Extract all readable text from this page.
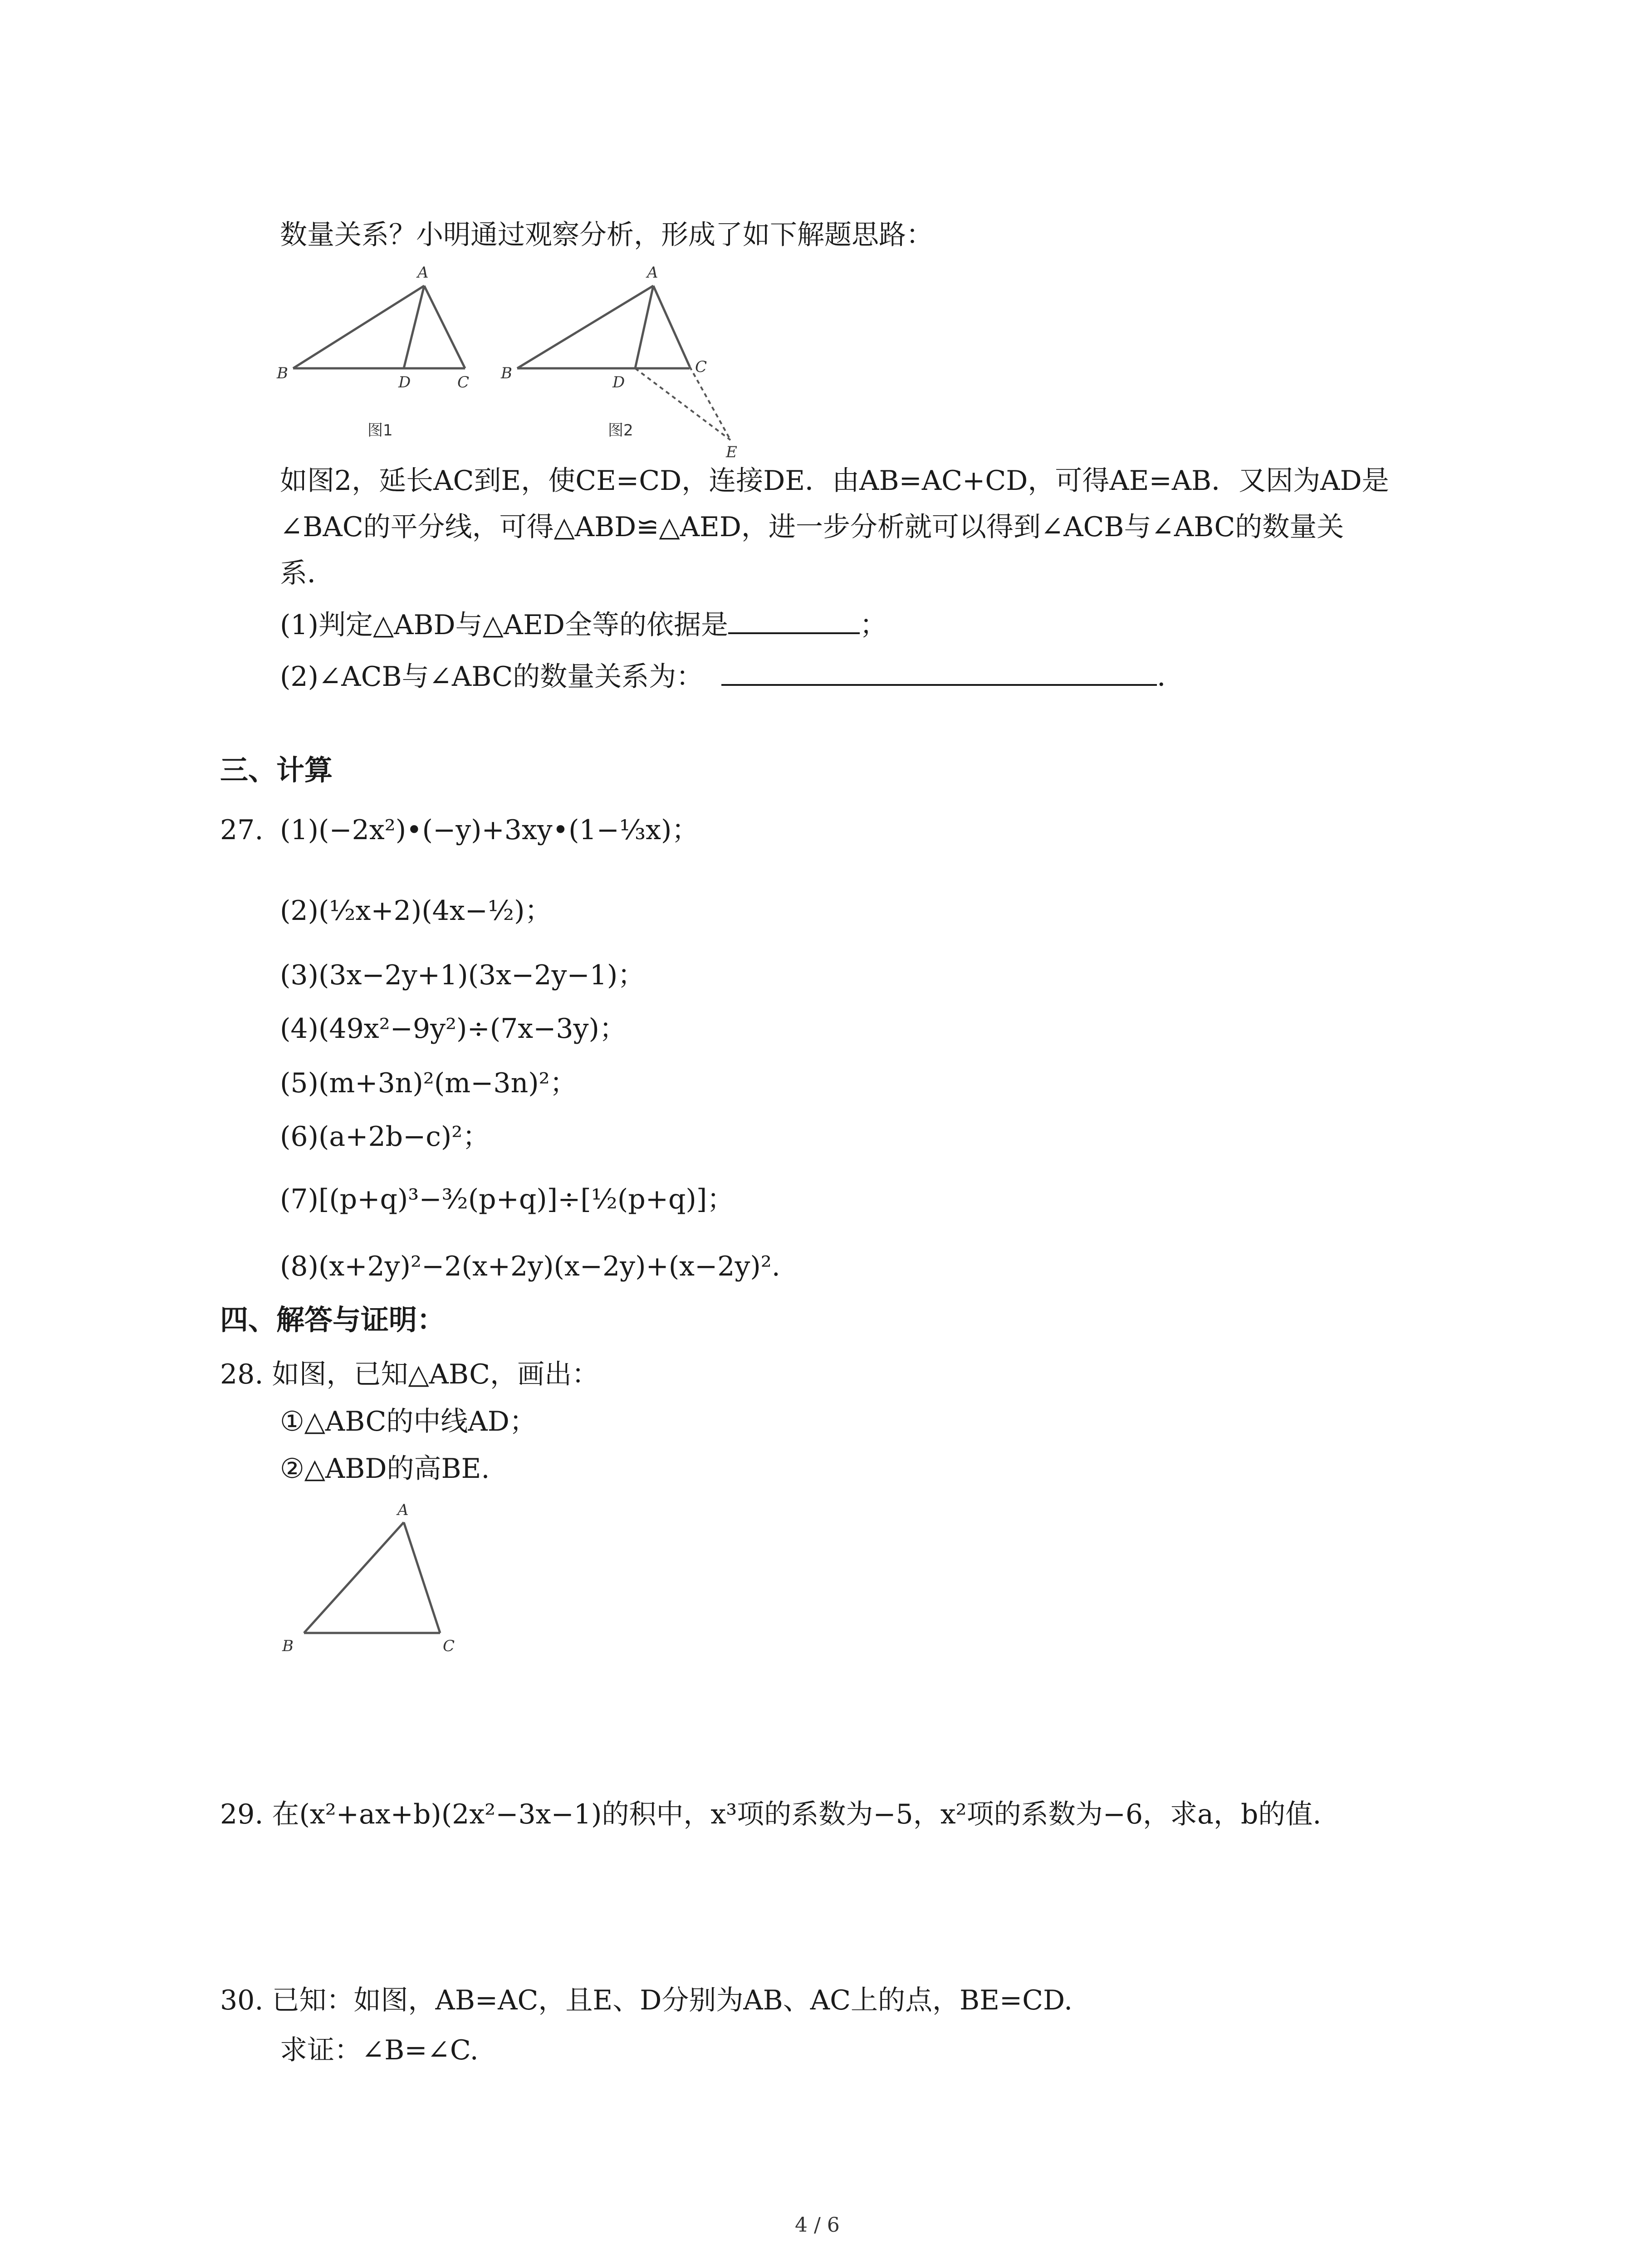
数量关系？小明通过观察分析，形成了如下解题思路：
A
B	D	C
图1
A
B	D
C
E
图2
如图2，延长AC到E，使CE=CD，连接DE．由AB=AC+CD，可得AE=AB．又因为AD是
∠BAC的平分线，可得△ABD≌△AED，进一步分析就可以得到∠ACB与∠ABC的数量关
系．
(1)判定△ABD与△AED全等的依据是	；
(2)∠ACB与∠ABC的数量关系为：	．
三、计算
27. (1)(−2x²)•(−y)+3xy•(1−⅓x)；
(2)(½x+2)(4x−½)；
(3)(3x−2y+1)(3x−2y−1)；
(4)(49x²−9y²)÷(7x−3y)；
(5)(m+3n)²(m−3n)²；
(6)(a+2b−c)²；
(7)[(p+q)³−³⁄₂(p+q)]÷[½(p+q)]；
(8)(x+2y)²−2(x+2y)(x−2y)+(x−2y)².
四、解答与证明：
28. 如图，已知△ABC，画出：
①△ABC的中线AD；
②△ABD的高BE.
A
B	C
29. 在(x²+ax+b)(2x²−3x−1)的积中，x³项的系数为−5，x²项的系数为−6，求a，b的值.
30. 已知：如图，AB=AC，且E、D分别为AB、AC上的点，BE=CD.
求证：∠B=∠C.
4 / 6
